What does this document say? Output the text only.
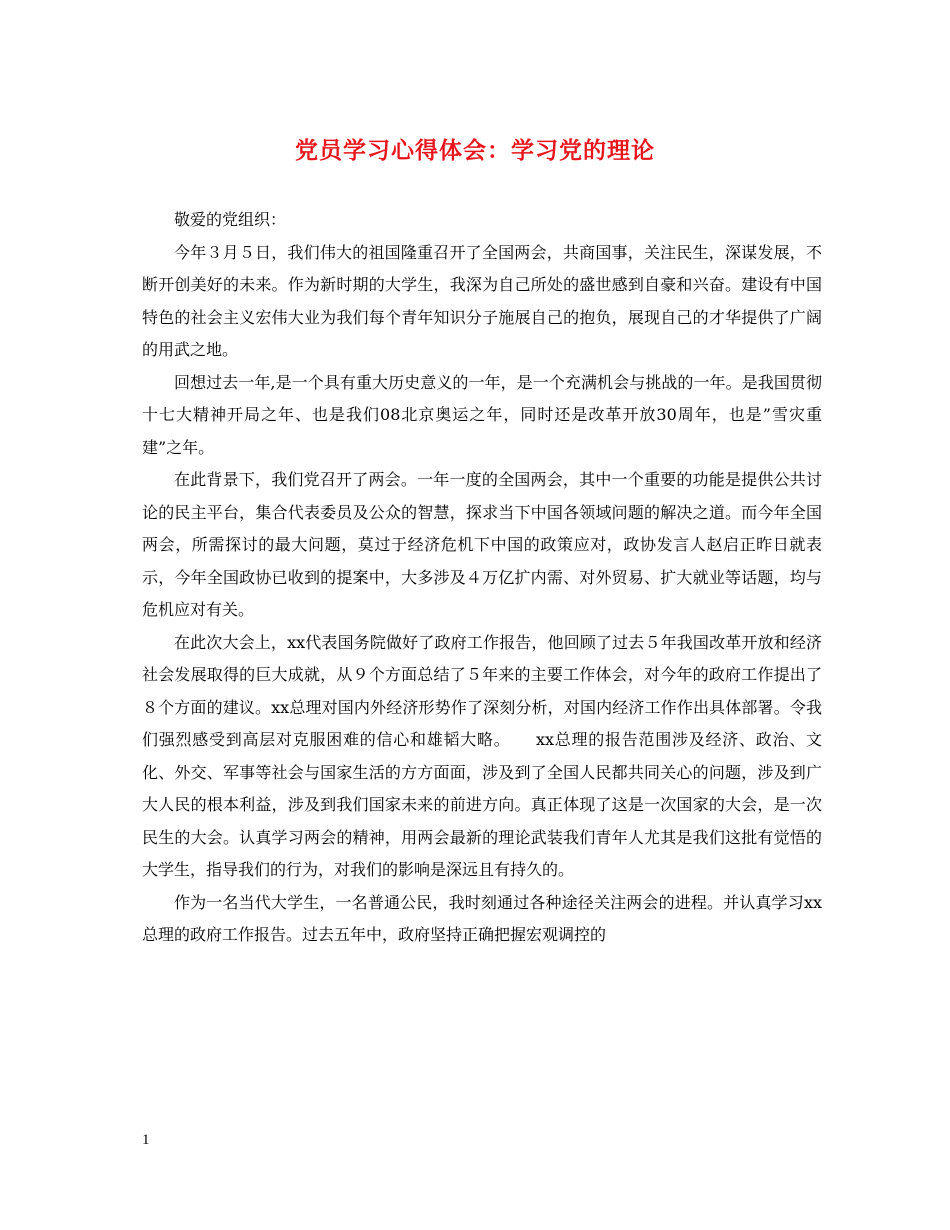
党员学习心得体会：学习党的理论

敬爱的党组织：

今年３月５日，我们伟大的祖国隆重召开了全国两会，共商国事，关注民生，深谋发展，不断开创美好的未来。作为新时期的大学生，我深为自己所处的盛世感到自豪和兴奋。建设有中国特色的社会主义宏伟大业为我们每个青年知识分子施展自己的抱负，展现自己的才华提供了广阔的用武之地。

回想过去一年,是一个具有重大历史意义的一年，是一个充满机会与挑战的一年。是我国贯彻十七大精神开局之年、也是我们08北京奥运之年，同时还是改革开放30周年，也是”雪灾重建”之年。

在此背景下，我们党召开了两会。一年一度的全国两会，其中一个重要的功能是提供公共讨论的民主平台，集合代表委员及公众的智慧，探求当下中国各领域问题的解决之道。而今年全国两会，所需探讨的最大问题，莫过于经济危机下中国的政策应对，政协发言人赵启正昨日就表示，今年全国政协已收到的提案中，大多涉及４万亿扩内需、对外贸易、扩大就业等话题，均与危机应对有关。

在此次大会上，xx代表国务院做好了政府工作报告，他回顾了过去５年我国改革开放和经济社会发展取得的巨大成就，从９个方面总结了５年来的主要工作体会，对今年的政府工作提出了８个方面的建议。xx总理对国内外经济形势作了深刻分析，对国内经济工作作出具体部署。令我们强烈感受到高层对克服困难的信心和雄韬大略。　　xx总理的报告范围涉及经济、政治、文化、外交、军事等社会与国家生活的方方面面，涉及到了全国人民都共同关心的问题，涉及到广大人民的根本利益，涉及到我们国家未来的前进方向。真正体现了这是一次国家的大会，是一次民生的大会。认真学习两会的精神，用两会最新的理论武装我们青年人尤其是我们这批有觉悟的大学生，指导我们的行为，对我们的影响是深远且有持久的。

作为一名当代大学生，一名普通公民，我时刻通过各种途径关注两会的进程。并认真学习xx总理的政府工作报告。过去五年中，政府坚持正确把握宏观调控的

1
